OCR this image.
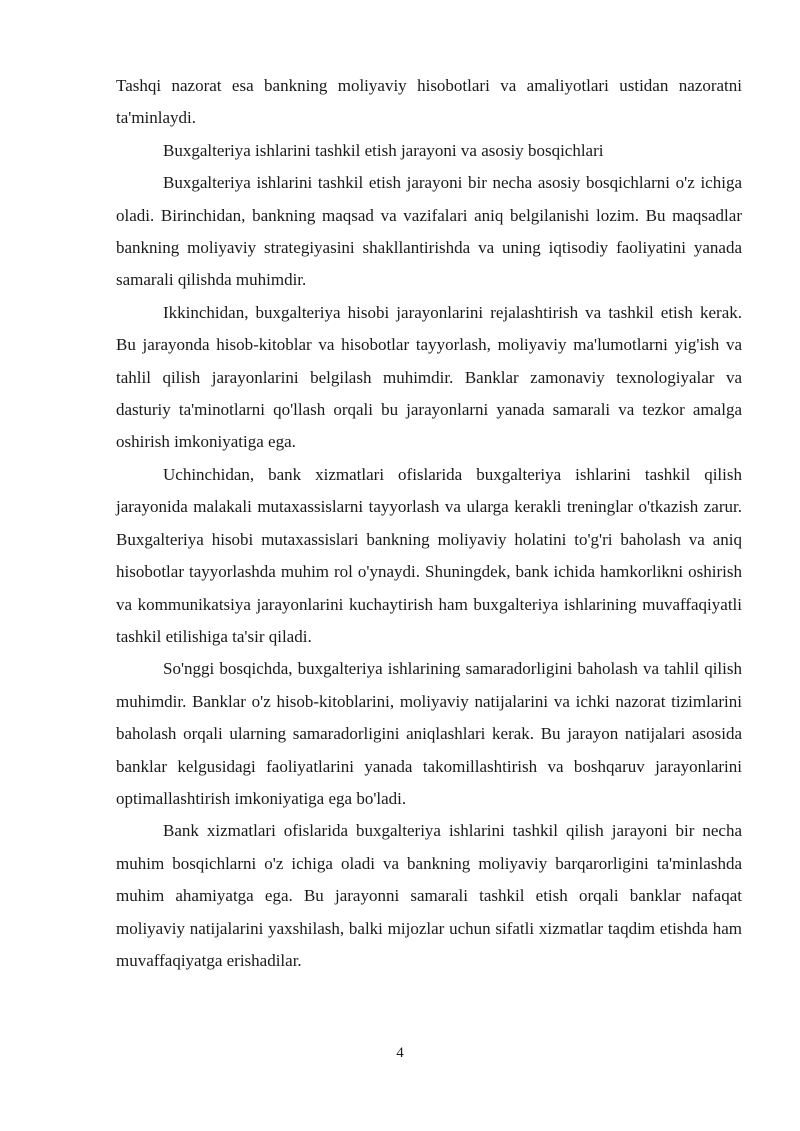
Tashqi nazorat esa bankning moliyaviy hisobotlari va amaliyotlari ustidan nazoratni ta'minlaydi.

Buxgalteriya ishlarini tashkil etish jarayoni va asosiy bosqichlari

Buxgalteriya ishlarini tashkil etish jarayoni bir necha asosiy bosqichlarni o'z ichiga oladi. Birinchidan, bankning maqsad va vazifalari aniq belgilanishi lozim. Bu maqsadlar bankning moliyaviy strategiyasini shakllantirishda va uning iqtisodiy faoliyatini yanada samarali qilishda muhimdir.

Ikkinchidan, buxgalteriya hisobi jarayonlarini rejalashtirish va tashkil etish kerak. Bu jarayonda hisob-kitoblar va hisobotlar tayyorlash, moliyaviy ma'lumotlarni yig'ish va tahlil qilish jarayonlarini belgilash muhimdir. Banklar zamonaviy texnologiyalar va dasturiy ta'minotlarni qo'llash orqali bu jarayonlarni yanada samarali va tezkor amalga oshirish imkoniyatiga ega.

Uchinchidan, bank xizmatlari ofislarida buxgalteriya ishlarini tashkil qilish jarayonida malakali mutaxassislarni tayyorlash va ularga kerakli treninglar o'tkazish zarur. Buxgalteriya hisobi mutaxassislari bankning moliyaviy holatini to'g'ri baholash va aniq hisobotlar tayyorlashda muhim rol o'ynaydi. Shuningdek, bank ichida hamkorlikni oshirish va kommunikatsiya jarayonlarini kuchaytirish ham buxgalteriya ishlarining muvaffaqiyatli tashkil etilishiga ta'sir qiladi.

So'nggi bosqichda, buxgalteriya ishlarining samaradorligini baholash va tahlil qilish muhimdir. Banklar o'z hisob-kitoblarini, moliyaviy natijalarini va ichki nazorat tizimlarini baholash orqali ularning samaradorligini aniqlashlari kerak. Bu jarayon natijalari asosida banklar kelgusidagi faoliyatlarini yanada takomillashtirish va boshqaruv jarayonlarini optimallashtirish imkoniyatiga ega bo'ladi.

Bank xizmatlari ofislarida buxgalteriya ishlarini tashkil qilish jarayoni bir necha muhim bosqichlarni o'z ichiga oladi va bankning moliyaviy barqarorligini ta'minlashda muhim ahamiyatga ega. Bu jarayonni samarali tashkil etish orqali banklar nafaqat moliyaviy natijalarini yaxshilash, balki mijozlar uchun sifatli xizmatlar taqdim etishda ham muvaffaqiyatga erishadilar.

4
